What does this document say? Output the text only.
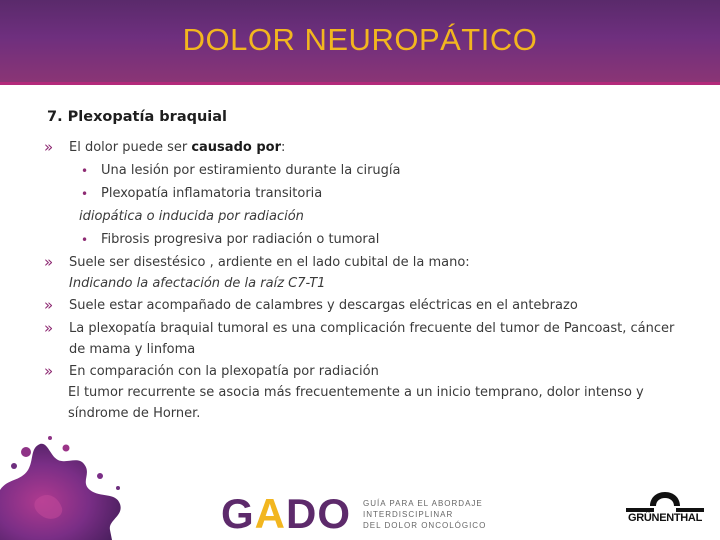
DOLOR NEUROPÁTICO
7. Plexopatía braquial
» El dolor puede ser causado por:
• Una lesión por estiramiento durante la cirugía
• Plexopatía inflamatoria transitoria
idiopática o inducida por radiación
• Fibrosis progresiva por radiación o tumoral
» Suele ser disestésico , ardiente en el lado cubital de la mano:
Indicando la afectación de la raíz C7-T1
» Suele estar acompañado de calambres y descargas eléctricas en el antebrazo
» La plexopatía braquial tumoral es una complicación frecuente del tumor de Pancoast, cáncer
de mama y linfoma
» En comparación con la plexopatía por radiación
El tumor recurrente se asocia más frecuentemente a un inicio temprano, dolor intenso y
síndrome de Horner.
GADO GUÍA PARA EL ABORDAJE
INTERDISCIPLINAR
DEL DOLOR ONCOLÓGICO
GRÜNENTHAL
